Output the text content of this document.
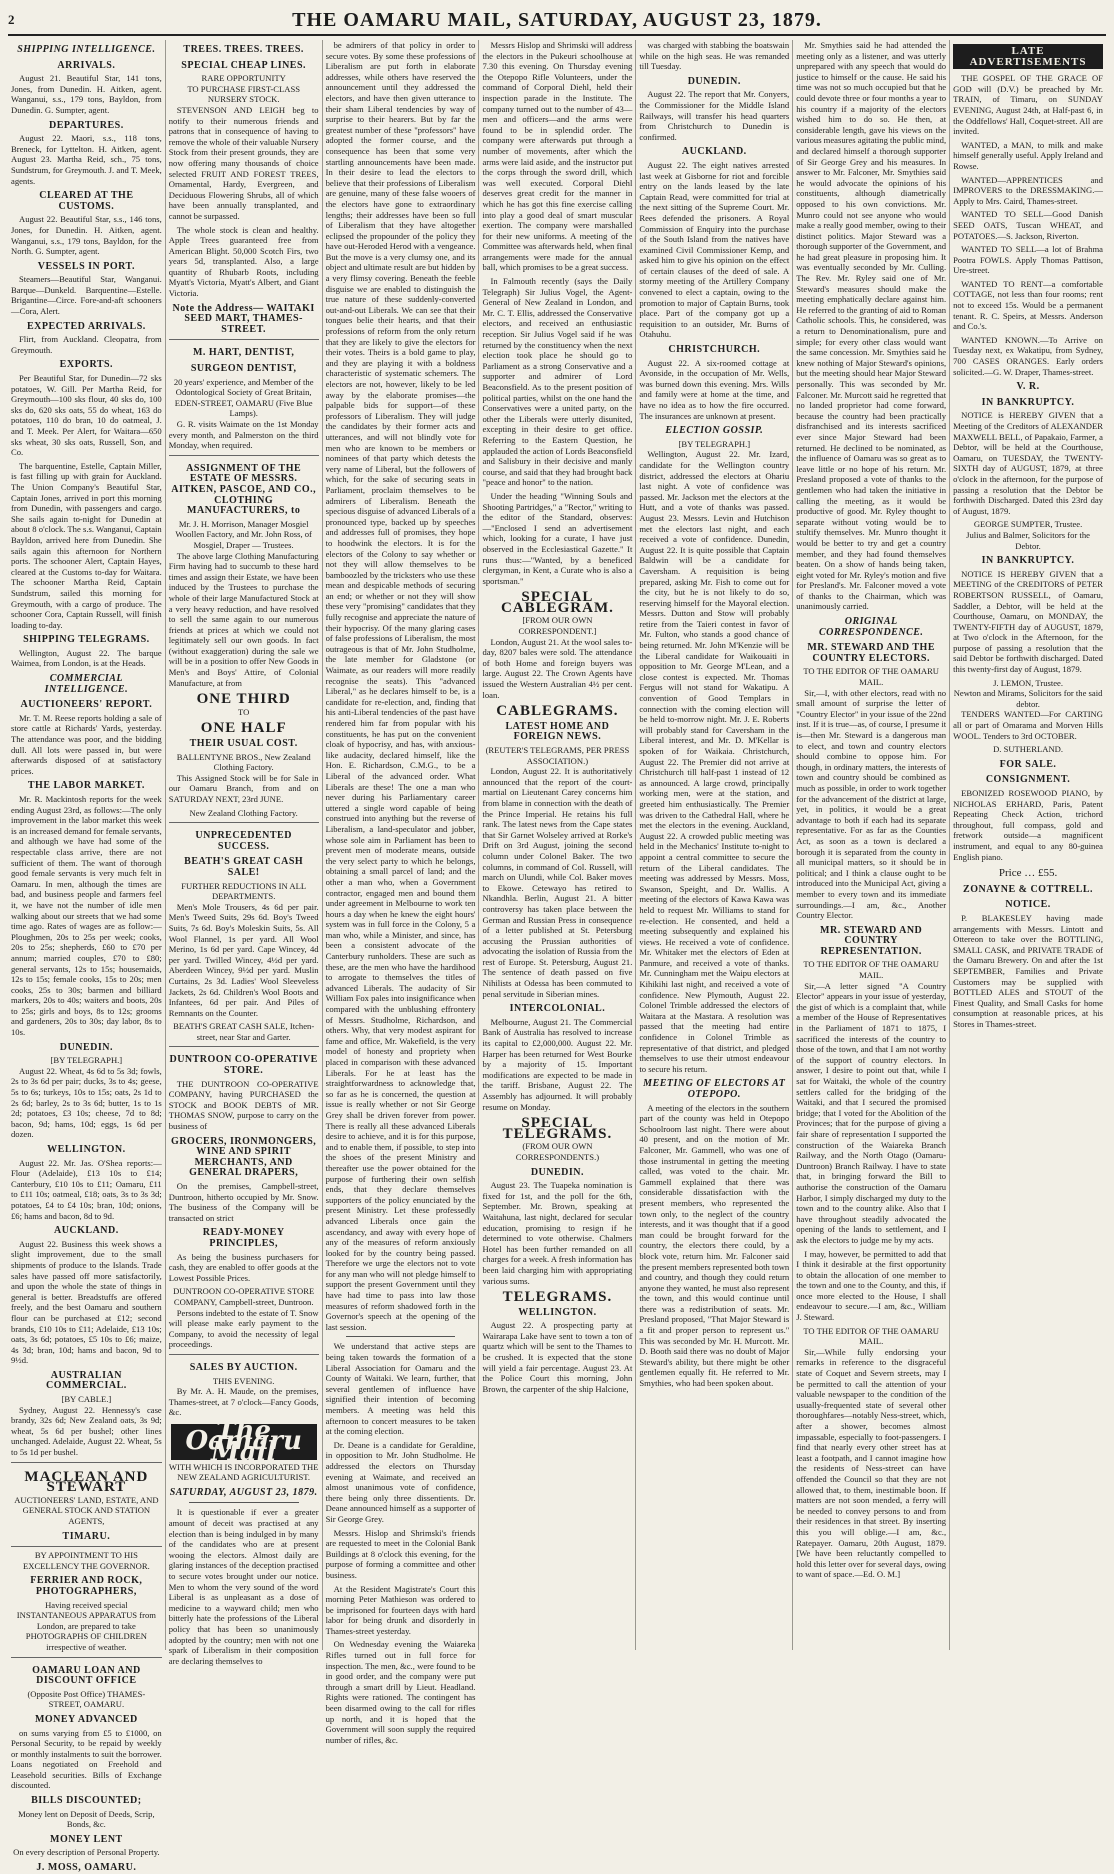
2	THE OAMARU MAIL, SATURDAY, AUGUST 23, 1879.
SHIPPING INTELLIGENCE.
ARRIVALS.

August 21. Beautiful Star, 141 tons, Jones, from Dunedin. H. Aitken, agent. Wanganui, s.s., 179 tons, Bayldon, from Dunedin. G. Sumpter, agent.

DEPARTURES.

August 22. Maori, s.s., 118 tons, Breneck, for Lyttelton. H. Aitken, agent. August 23. Martha Reid, sch., 75 tons, Sundstrum, for Greymouth. J. and T. Meek, agents.

CLEARED AT THE CUSTOMS.

August 22. Beautiful Star, s.s., 146 tons, Jones, for Dunedin. H. Aitken, agent. Wanganui, s.s., 179 tons, Bayldon, for the North. G. Sumpter, agent.

VESSELS IN PORT.

Steamers—Beautiful Star, Wanganui. Barque—Dunkeld. Barquentine—Estelle. Brigantine—Circe. Fore-and-aft schooners—Cora, Alert.

EXPECTED ARRIVALS.

Flirt, from Auckland. Cleopatra, from Greymouth.

EXPORTS.

Per Beautiful Star, for Dunedin—72 sks potatoes, W. Gill. Per Martha Reid, for Greymouth—100 sks flour, 40 sks do, 100 sks do, 620 sks oats, 55 do wheat, 163 do potatoes, 110 do bran, 10 do oatmeal, J. and T. Meek. Per Alert, for Waitara—650 sks wheat, 30 sks oats, Russell, Son, and Co.

The barquentine, Estelle, Captain Miller, is fast filling up with grain for Auckland. The Union Company's Beautiful Star, Captain Jones, arrived in port this morning from Dunedin, with passengers and cargo. She sails again to-night for Dunedin at about 8 o'clock. The s.s. Wanganui, Captain Bayldon, arrived here from Dunedin. She sails again this afternoon for Northern ports. The schooner Alert, Captain Hayes, cleared at the Customs to-day for Waitara. The schooner Martha Reid, Captain Sundstrum, sailed this morning for Greymouth, with a cargo of produce. The schooner Cora, Captain Russell, will finish loading to-day.

SHIPPING TELEGRAMS.

Wellington, August 22. The barque Waimea, from London, is at the Heads.

COMMERCIAL INTELLIGENCE.
AUCTIONEERS' REPORT.

Mr. T. M. Reese reports holding a sale of store cattle at Richards' Yards, yesterday. The attendance was poor, and the bidding dull. All lots were passed in, but were afterwards disposed of at satisfactory prices.

THE LABOR MARKET.

Mr. R. Mackintosh reports for the week ending August 23rd, as follows:—The only improvement in the labor market this week is an increased demand for female servants, and although we have had some of the respectable class arrive, there are not sufficient of them. The want of thorough good female servants is very much felt in Oamaru. In men, although the times are bad, and business people and farmers feel it, we have not the number of idle men walking about our streets that we had some time ago. Rates of wages are as follow:—Ploughmen, 20s to 25s per week; cooks, 20s to 25s; shepherds, £60 to £70 per annum; married couples, £70 to £80; general servants, 12s to 15s; housemaids, 12s to 15s; female cooks, 15s to 20s; men cooks, 25s to 30s; barmen and billiard markers, 20s to 40s; waiters and boots, 20s to 25s; girls and boys, 8s to 12s; grooms and gardeners, 20s to 30s; day labor, 8s to 10s.

DUNEDIN.
[BY TELEGRAPH.]

August 22. Wheat, 4s 6d to 5s 3d; fowls, 2s to 3s 6d per pair; ducks, 3s to 4s; geese, 5s to 6s; turkeys, 10s to 15s; oats, 2s 1d to 2s 6d; barley, 2s to 3s 6d; butter, 1s to 1s 2d; potatoes, £3 10s; cheese, 7d to 8d; bacon, 9d; hams, 10d; eggs, 1s 6d per dozen.

WELLINGTON.

August 22. Mr. Jas. O'Shea reports:—Flour (Adelaide), £13 10s to £14; Canterbury, £10 10s to £11; Oamaru, £11 to £11 10s; oatmeal, £18; oats, 3s to 3s 3d; potatoes, £4 to £4 10s; bran, 10d; onions, £6; hams and bacon, 8d to 9d.

AUCKLAND.

August 22. Business this week shows a slight improvement, due to the small shipments of produce to the Islands. Trade sales have passed off more satisfactorily, and upon the whole the state of things in general is better. Breadstuffs are offered freely, and the best Oamaru and southern flour can be purchased at £12; second brands, £10 10s to £11; Adelaide, £13 10s; oats, 3s 6d; potatoes, £5 10s to £6; maize, 4s 3d; bran, 10d; hams and bacon, 9d to 9½d.

AUSTRALIAN COMMERCIAL.
[BY CABLE.]

Sydney, August 22. Hennessy's case brandy, 32s 6d; New Zealand oats, 3s 9d; wheat, 5s 6d per bushel; other lines unchanged. Adelaide, August 22. Wheat, 5s to 5s 1d per bushel.

MACLEAN AND STEWART
AUCTIONEERS' LAND, ESTATE, AND GENERAL STOCK AND STATION AGENTS,
TIMARU.
BY APPOINTMENT TO HIS EXCELLENCY THE GOVERNOR.
FERRIER AND ROCK, PHOTOGRAPHERS,
Having received special INSTANTANEOUS APPARATUS from London, are prepared to take PHOTOGRAPHS OF CHILDREN irrespective of weather.
OAMARU LOAN AND DISCOUNT OFFICE
(Opposite Post Office) THAMES-STREET, OAMARU.
MONEY ADVANCED

on sums varying from £5 to £1000, on Personal Security, to be repaid by weekly or monthly instalments to suit the borrower. Loans negotiated on Freehold and Leasehold securities. Bills of Exchange discounted.

BILLS DISCOUNTED;
Money lent on Deposit of Deeds, Scrip, Bonds, &c.
MONEY LENT
On every description of Personal Property.
J. MOSS, OAMARU.
TREES. TREES. TREES.
SPECIAL CHEAP LINES.
RARE OPPORTUNITY
TO PURCHASE FIRST-CLASS NURSERY STOCK.

STEVENSON AND LEIGH beg to notify to their numerous friends and patrons that in consequence of having to remove the whole of their valuable Nursery Stock from their present grounds, they are now offering many thousands of choice selected FRUIT AND FOREST TREES, Ornamental, Hardy, Evergreen, and Deciduous Flowering Shrubs, all of which have been annually transplanted, and cannot be surpassed.

The whole stock is clean and healthy. Apple Trees guaranteed free from American Blight. 50,000 Scotch Firs, two years 5d, transplanted. Also, a large quantity of Rhubarb Roots, including Myatt's Victoria, Myatt's Albert, and Giant Victoria.

Note the Address— WAITAKI SEED MART, THAMES-STREET.
M. HART, DENTIST,
SURGEON DENTIST,
20 years' experience, and Member of the Odontological Society of Great Britain, EDEN-STREET, OAMARU (Five Blue Lamps).

G. R. visits Waimate on the 1st Monday every month, and Palmerston on the third Monday, when required.

ASSIGNMENT OF THE ESTATE OF MESSRS. AITKEN, PASCOE, AND CO., CLOTHING MANUFACTURERS, to
Mr. J. H. Morrison, Manager Mosgiel Woollen Factory, and Mr. John Ross, of Mosgiel, Draper — Trustees.

The above large Clothing Manufacturing Firm having had to succumb to these hard times and assign their Estate, we have been induced by the Trustees to purchase the whole of their large Manufactured Stock at a very heavy reduction, and have resolved to sell the same again to our numerous friends at prices at which we could not legitimately sell our own goods. In fact (without exaggeration) during the sale we will be in a position to offer New Goods in Men's and Boys' Attire, of Colonial Manufacture, at from

ONE THIRD
TO
ONE HALF
THEIR USUAL COST.
BALLENTYNE BROS., New Zealand Clothing Factory.

This Assigned Stock will be for Sale in our Oamaru Branch, from and on SATURDAY NEXT, 23rd JUNE.

New Zealand Clothing Factory.
UNPRECEDENTED SUCCESS.
BEATH'S GREAT CASH SALE!
FURTHER REDUCTIONS IN ALL DEPARTMENTS.

Men's Mole Trousers, 4s 6d per pair. Men's Tweed Suits, 29s 6d. Boy's Tweed Suits, 7s 6d. Boy's Moleskin Suits, 5s. All Wool Flannel, 1s per yard. All Wool Merino, 1s 6d per yard. Cape Wincey, 4d per yard. Twilled Wincey, 4½d per yard. Aberdeen Wincey, 9½d per yard. Muslin Curtains, 2s 3d. Ladies' Wool Sleeveless Jackets, 2s 6d. Children's Wool Boots and Infantees, 6d per pair. And Piles of Remnants on the Counter.

BEATH'S GREAT CASH SALE, Itchen-street, near Star and Garter.
DUNTROON CO-OPERATIVE STORE.

THE DUNTROON CO-OPERATIVE COMPANY, having PURCHASED the STOCK and BOOK DEBTS of MR. THOMAS SNOW, purpose to carry on the business of

GROCERS, IRONMONGERS, WINE AND SPIRIT MERCHANTS, AND GENERAL DRAPERS,

On the premises, Campbell-street, Duntroon, hitherto occupied by Mr. Snow. The business of the Company will be transacted on strict

READY-MONEY PRINCIPLES,

As being the business purchasers for cash, they are enabled to offer goods at the Lowest Possible Prices.

DUNTROON CO-OPERATIVE STORE COMPANY, Campbell-street, Duntroon.

Persons indebted to the estate of T. Snow will please make early payment to the Company, to avoid the necessity of legal proceedings.

SALES BY AUCTION.
THIS EVENING.

By Mr. A. H. Maude, on the premises, Thames-street, at 7 o'clock—Fancy Goods, &c.

The Oamaru Mail
WITH WHICH IS INCORPORATED THE NEW ZEALAND AGRICULTURIST.
SATURDAY, AUGUST 23, 1879.

It is questionable if ever a greater amount of deceit was practised at any election than is being indulged in by many of the candidates who are at present wooing the electors. Almost daily are glaring instances of the deception practised to secure votes brought under our notice. Men to whom the very sound of the word Liberal is as unpleasant as a dose of medicine to a wayward child; men who bitterly hate the professions of the Liberal policy that has been so unanimously adopted by the country; men with not one spark of Liberalism in their composition are declaring themselves to

be admirers of that policy in order to secure votes. By some these professions of Liberalism are put forth in elaborate addresses, while others have reserved the announcement until they addressed the electors, and have then given utterance to their sham Liberal tendencies by way of surprise to their hearers. But by far the greatest number of these "professors" have adopted the former course, and the consequence has been that some very startling announcements have been made. In their desire to lead the electors to believe that their professions of Liberalism are genuine, many of these false wooers of the electors have gone to extraordinary lengths; their addresses have been so full of Liberalism that they have altogether eclipsed the propounder of the policy they have out-Heroded Herod with a vengeance. But the move is a very clumsy one, and its object and ultimate result are but hidden by a very flimsy covering. Beneath the feeble disguise we are enabled to distinguish the true nature of these suddenly-converted out-and-out Liberals. We can see that their tongues belie their hearts, and that their professions of reform from the only return that they are likely to give the electors for their votes. Theirs is a bold game to play, and they are playing it with a boldness characteristic of systematic schemers. The electors are not, however, likely to be led away by the elaborate promises—the palpable bids for support—of these professors of Liberalism. They will judge the candidates by their former acts and utterances, and will not blindly vote for men who are known to be members or nominees of that party which detests the very name of Liberal, but the followers of which, for the sake of securing seats in Parliament, proclaim themselves to be admirers of Liberalism. Beneath the specious disguise of advanced Liberals of a pronounced type, backed up by speeches and addresses full of promises, they hope to hoodwink the electors. It is for the electors of the Colony to say whether or not they will allow themselves to be bamboozled by the tricksters who use these mean and despicable methods of securing an end; or whether or not they will show these very "promising" candidates that they fully recognise and appreciate the nature of their hypocrisy. Of the many glaring cases of false professions of Liberalism, the most outrageous is that of Mr. John Studholme, the late member for Gladstone (or Waimate, as our readers will more readily recognise the seats). This "advanced Liberal," as he declares himself to be, is a candidate for re-election, and, finding that his anti-Liberal tendencies of the past have rendered him far from popular with his constituents, he has put on the convenient cloak of hypocrisy, and has, with anxious-like audacity, declared himself, like the Hon. E. Richardson, C.M.G., to be a Liberal of the advanced order. What Liberals are these! The one a man who never during his Parliamentary career uttered a single word capable of being construed into anything but the reverse of Liberalism, a land-speculator and jobber, whose sole aim in Parliament has been to prevent men of moderate means, outside the very select party to which he belongs, obtaining a small parcel of land; and the other a man who, when a Government contractor, engaged men and bound them under agreement in Melbourne to work ten hours a day when he knew the eight hours' system was in full force in the Colony, 5 a man who, while a Minister, and since, has been a consistent advocate of the Canterbury runholders. These are such as these, are the men who have the hardihood to arrogate to themselves the titles of advanced Liberals. The audacity of Sir William Fox pales into insignificance when compared with the unblushing effrontery of Messrs. Studholme, Richardson, and others. Why, that very modest aspirant for fame and office, Mr. Wakefield, is the very model of honesty and propriety when placed in comparison with these advanced Liberals. For he at least has the straightforwardness to acknowledge that, so far as he is concerned, the question at issue is really whether or not Sir George Grey shall be driven forever from power. There is really all these advanced Liberals desire to achieve, and it is for this purpose, and to enable them, if possible, to step into the shoes of the present Ministry and thereafter use the power obtained for the purpose of furthering their own selfish ends, that they declare themselves supporters of the policy enunciated by the present Ministry. Let these professedly advanced Liberals once gain the ascendancy, and away with every hope of any of the measures of reform anxiously looked for by the country being passed. Therefore we urge the electors not to vote for any man who will not pledge himself to support the present Government until they have had time to pass into law those measures of reform shadowed forth in the Governor's speech at the opening of the last session.

We understand that active steps are being taken towards the formation of a Liberal Association for Oamaru and the County of Waitaki. We learn, further, that several gentlemen of influence have signified their intention of becoming members. A meeting was held this afternoon to concert measures to be taken at the coming election.

Dr. Deane is a candidate for Geraldine, in opposition to Mr. John Studholme. He addressed the electors on Thursday evening at Waimate, and received an almost unanimous vote of confidence, there being only three dissentients. Dr. Deane announced himself as a supporter of Sir George Grey.

Messrs. Hislop and Shrimski's friends are requested to meet in the Colonial Bank Buildings at 8 o'clock this evening, for the purpose of forming a committee and other business.

At the Resident Magistrate's Court this morning Peter Mathieson was ordered to be imprisoned for fourteen days with hard labor for being drunk and disorderly in Thames-street yesterday.

On Wednesday evening the Waiareka Rifles turned out in full force for inspection. The men, &c., were found to be in good order, and the company were put through a smart drill by Lieut. Headland. Rights were rationed. The contingent has been disarmed owing to the call for rifles up north, and it is hoped that the Government will soon supply the required number of rifles, &c.

Messrs Hislop and Shrimski will address the electors in the Pukeuri schoolhouse at 7.30 this evening. On Thursday evening the Otepopo Rifle Volunteers, under the command of Corporal Diehl, held their inspection parade in the Institute. The company turned out to the number of 43—men and officers—and the arms were found to be in splendid order. The company were afterwards put through a number of movements, after which the arms were laid aside, and the instructor put the corps through the sword drill, which was well executed. Corporal Diehl deserves great credit for the manner in which he has got this fine exercise calling into play a good deal of smart muscular exertion. The company were marshalled for their new uniforms. A meeting of the Committee was afterwards held, when final arrangements were made for the annual ball, which promises to be a great success.

In Falmouth recently (says the Daily Telegraph) Sir Julius Vogel, the Agent-General of New Zealand in London, and Mr. C. T. Ellis, addressed the Conservative electors, and received an enthusiastic reception. Sir Julius Vogel said if he was returned by the constituency when the next election took place he should go to Parliament as a strong Conservative and a supporter and admirer of Lord Beaconsfield. As to the present position of political parties, whilst on the one hand the Conservatives were a united party, on the other the Liberals were utterly disunited, excepting in their desire to get office. Referring to the Eastern Question, he applauded the action of Lords Beaconsfield and Salisbury in their decisive and manly course, and said that they had brought back "peace and honor" to the nation.

Under the heading "Winning Souls and Shooting Partridges," a "Rector," writing to the editor of the Standard, observes:—"Enclosed I send an advertisement which, looking for a curate, I have just observed in the Ecclesiastical Gazette." It runs thus:—"Wanted, by a beneficed clergyman, in Kent, a Curate who is also a sportsman."

SPECIAL CABLEGRAM.
[FROM OUR OWN CORRESPONDENT.]

London, August 21. At the wool sales to-day, 8207 bales were sold. The attendance of both Home and foreign buyers was large. August 22. The Crown Agents have issued the Western Australian 4½ per cent. loan.

CABLEGRAMS.
LATEST HOME AND FOREIGN NEWS.
(REUTER'S TELEGRAMS, PER PRESS ASSOCIATION.)

London, August 22. It is authoritatively announced that the report of the court-martial on Lieutenant Carey concerns him from blame in connection with the death of the Prince Imperial. He retains his full rank. The latest news from the Cape states that Sir Garnet Wolseley arrived at Rorke's Drift on 3rd August, joining the second column under Colonel Baker. The two columns, in command of Col. Russell, will march on Ulundi, while Col. Baker moves to Ekowe. Cetewayo has retired to Nkandhla. Berlin, August 21. A bitter controversy has taken place between the German and Russian Press in consequence of a letter published at St. Petersburg accusing the Prussian authorities of advocating the isolation of Russia from the rest of Europe. St. Petersburg, August 21. The sentence of death passed on five Nihilists at Odessa has been commuted to penal servitude in Siberian mines.

INTERCOLONIAL.

Melbourne, August 21. The Commercial Bank of Australia has resolved to increase its capital to £2,000,000. August 22. Mr. Harper has been returned for West Bourke by a majority of 15. Important modifications are expected to be made in the tariff. Brisbane, August 22. The Assembly has adjourned. It will probably resume on Monday.

SPECIAL TELEGRAMS.
(FROM OUR OWN CORRESPONDENTS.)
DUNEDIN.

August 23. The Tuapeka nomination is fixed for 1st, and the poll for the 6th, September. Mr. Brown, speaking at Waitahuna, last night, declared for secular education, promising to resign if he determined to vote otherwise. Chalmers Hotel has been further remanded on all charges for a week. A fresh information has been laid charging him with appropriating various sums.

TELEGRAMS.
WELLINGTON.

August 22. A prospecting party at Wairarapa Lake have sent to town a ton of quartz which will be sent to the Thames to be crushed. It is expected that the stone will yield a fair percentage. August 23. At the Police Court this morning, John Brown, the carpenter of the ship Halcione,

was charged with stabbing the boatswain while on the high seas. He was remanded till Tuesday.

DUNEDIN.

August 22. The report that Mr. Conyers, the Commissioner for the Middle Island Railways, will transfer his head quarters from Christchurch to Dunedin is confirmed.

AUCKLAND.

August 22. The eight natives arrested last week at Gisborne for riot and forcible entry on the lands leased by the late Captain Read, were committed for trial at the next sitting of the Supreme Court. Mr. Rees defended the prisoners. A Royal Commission of Enquiry into the purchase of the South Island from the natives have examined Civil Commissioner Kemp, and asked him to give his opinion on the effect of certain clauses of the deed of sale. A stormy meeting of the Artillery Company convened to elect a captain, owing to the promotion to major of Captain Burns, took place. Part of the company got up a requisition to an outsider, Mr. Burns of Otahuhu.

CHRISTCHURCH.

August 22. A six-roomed cottage at Avonside, in the occupation of Mr. Wells, was burned down this evening. Mrs. Wills and family were at home at the time, and have no idea as to how the fire occurred. The insurances are unknown at present.

ELECTION GOSSIP.
[BY TELEGRAPH.]

Wellington, August 22. Mr. Izard, candidate for the Wellington country district, addressed the electors at Ohariu last night. A vote of confidence was passed. Mr. Jackson met the electors at the Hutt, and a vote of thanks was passed. August 23. Messrs. Levin and Hutchison met the electors last night, and each received a vote of confidence. Dunedin, August 22. It is quite possible that Captain Baldwin will be a candidate for Caversham. A requisition is being prepared, asking Mr. Fish to come out for the city, but he is not likely to do so, reserving himself for the Mayoral election. Messrs. Dutton and Stow will probably retire from the Taieri contest in favor of Mr. Fulton, who stands a good chance of being returned. Mr. John M'Kenzie will be the Liberal candidate for Waikouaiti in opposition to Mr. George M'Lean, and a close contest is expected. Mr. Thomas Fergus will not stand for Wakatipu. A convention of Good Templars in connection with the coming election will be held to-morrow night. Mr. J. E. Roberts will probably stand for Caversham in the Liberal interest, and Mr. D. M'Kellar is spoken of for Waikaia. Christchurch, August 22. The Premier did not arrive at Christchurch till half-past 1 instead of 12 as announced. A large crowd, principally working men, were at the station, and greeted him enthusiastically. The Premier was driven to the Cathedral Hall, where he met the electors in the evening. Auckland, August 22. A crowded public meeting was held in the Mechanics' Institute to-night to appoint a central committee to secure the return of the Liberal candidates. The meeting was addressed by Messrs. Moss, Swanson, Speight, and Dr. Wallis. A meeting of the electors of Kawa Kawa was held to request Mr. Williams to stand for re-election. He consented, and held a meeting subsequently and explained his views. He received a vote of confidence. Mr. Whitaker met the electors of Eden at Panmure, and received a vote of thanks. Mr. Cunningham met the Waipu electors at Kihikihi last night, and received a vote of confidence. New Plymouth, August 22. Colonel Trimble addressed the electors of Waitara at the Mastara. A resolution was passed that the meeting had entire confidence in Colonel Trimble as representative of that district, and pledged themselves to use their utmost endeavour to secure his return.

MEETING OF ELECTORS AT OTEPOPO.

A meeting of the electors in the southern part of the county was held in Otepopo Schoolroom last night. There were about 40 present, and on the motion of Mr. Falconer, Mr. Gammell, who was one of those instrumental in getting the meeting called, was voted to the chair. Mr. Gammell explained that there was considerable dissatisfaction with the present members, who represented the town only, to the neglect of the country interests, and it was thought that if a good man could be brought forward for the country, the electors there could, by a block vote, return him. Mr. Falconer said the present members represented both town and country, and though they could return anyone they wanted, he must also represent the town, and this would continue until there was a redistribution of seats. Mr. Presland proposed, "That Major Steward is a fit and proper person to represent us." This was seconded by Mr. H. Murcott. Mr. D. Booth said there was no doubt of Major Steward's ability, but there might be other gentlemen equally fit. He referred to Mr. Smythies, who had been spoken about.

Mr. Smythies said he had attended the meeting only as a listener, and was utterly unprepared with any speech that would do justice to himself or the cause. He said his time was not so much occupied but that he could devote three or four months a year to his country if a majority of the electors wished him to do so. He then, at considerable length, gave his views on the various measures agitating the public mind, and declared himself a thorough supporter of Sir George Grey and his measures. In answer to Mr. Falconer, Mr. Smythies said he would advocate the opinions of his constituents, although diametrically opposed to his own convictions. Mr. Munro could not see anyone who would make a really good member, owing to their distinct politics. Major Steward was a thorough supporter of the Government, and he had great pleasure in proposing him. It was eventually seconded by Mr. Culling. The Rev. Mr. Ryley said one of Mr. Steward's measures should make the meeting emphatically declare against him. He referred to the granting of aid to Roman Catholic schools. This, he considered, was a return to Denominationalism, pure and simple; for every other class would want the same concession. Mr. Smythies said he knew nothing of Major Steward's opinions, but the meeting should hear Major Steward personally. This was seconded by Mr. Falconer. Mr. Murcott said he regretted that no landed proprietor had come forward, because the country had been practically disfranchised and its interests sacrificed ever since Major Steward had been returned. He declined to be nominated, as the influence of Oamaru was so great as to leave little or no hope of his return. Mr. Presland proposed a vote of thanks to the gentlemen who had taken the initiative in calling the meeting, as it would be productive of good. Mr. Ryley thought to separate without voting would be to stultify themselves. Mr. Munro thought it would be better to try and get a country member, and they had found themselves beaten. On a show of hands being taken, eight voted for Mr. Ryley's motion and five for Presland's. Mr. Falconer moved a vote of thanks to the Chairman, which was unanimously carried.

ORIGINAL CORRESPONDENCE.
MR. STEWARD AND THE COUNTRY ELECTORS.
TO THE EDITOR OF THE OAMARU MAIL.

Sir,—I, with other electors, read with no small amount of surprise the letter of "Country Elector" in your issue of the 22nd inst. If it is true—as, of course, I presume it is—then Mr. Steward is a dangerous man to elect, and town and country electors should combine to oppose him. For though, in ordinary matters, the interests of town and country should be combined as much as possible, in order to work together for the advancement of the district at large, yet, in politics, it would be a great advantage to both if each had its separate representative. For as far as the Counties Act, as soon as a town is declared a borough it is separated from the county in all municipal matters, so it should be in political; and I think a clause ought to be introduced into the Municipal Act, giving a member to every town and its immediate surroundings.—I am, &c., Another Country Elector.

MR. STEWARD AND COUNTRY REPRESENTATION.
TO THE EDITOR OF THE OAMARU MAIL.

Sir,—A letter signed "A Country Elector" appears in your issue of yesterday, the gist of which is a complaint that, while a member of the House of Representatives in the Parliament of 1871 to 1875, I sacrificed the interests of the country to those of the town, and that I am not worthy of the support of country electors. In answer, I desire to point out that, while I sat for Waitaki, the whole of the country settlers called for the bridging of the Waitaki, and that I secured the promised bridge; that I voted for the Abolition of the Provinces; that for the purpose of giving a fair share of representation I supported the construction of the Waiareka Branch Railway, and the North Otago (Oamaru-Duntroon) Branch Railway. I have to state that, in bringing forward the Bill to authorise the construction of the Oamaru Harbor, I simply discharged my duty to the town and to the country alike. Also that I have throughout steadily advocated the opening of the lands to settlement, and I ask the electors to judge me by my acts.

I may, however, be permitted to add that I think it desirable at the first opportunity to obtain the allocation of one member to the town and one to the County, and this, if once more elected to the House, I shall endeavour to secure.—I am, &c., William J. Steward.

TO THE EDITOR OF THE OAMARU MAIL.

Sir,—While fully endorsing your remarks in reference to the disgraceful state of Coquet and Severn streets, may I be permitted to call the attention of your valuable newspaper to the condition of the usually-frequented state of several other thoroughfares—notably Ness-street, which, after a shower, becomes almost impassable, especially to foot-passengers. I find that nearly every other street has at least a footpath, and I cannot imagine how the residents of Ness-street can have offended the Council so that they are not allowed that, to them, inestimable boon. If matters are not soon mended, a ferry will be needed to convey persons to and from their residences in that street. By inserting this you will oblige.—I am, &c., Ratepayer. Oamaru, 20th August, 1879. [We have been reluctantly compelled to hold this letter over for several days, owing to want of space.—Ed. O. M.]

LATE ADVERTISEMENTS

THE GOSPEL OF THE GRACE OF GOD will (D.V.) be preached by Mr. TRAIN, of Timaru, on SUNDAY EVENING, August 24th, at Half-past 6, in the Oddfellows' Hall, Coquet-street. All are invited.

WANTED, a MAN, to milk and make himself generally useful. Apply Ireland and Rowse.

WANTED—APPRENTICES and IMPROVERS to the DRESSMAKING.—Apply to Mrs. Caird, Thames-street.

WANTED TO SELL—Good Danish SEED OATS, Tuscan WHEAT, and POTATOES.—S. Jackson, Riverton.

WANTED TO SELL—a lot of Brahma Pootra FOWLS. Apply Thomas Pattison, Ure-street.

WANTED TO RENT—a comfortable COTTAGE, not less than four rooms; rent not to exceed 15s. Would be a permanent tenant. R. C. Speirs, at Messrs. Anderson and Co.'s.

WANTED KNOWN.—To Arrive on Tuesday next, ex Wakatipu, from Sydney, 700 CASES ORANGES. Early orders solicited.—G. W. Draper, Thames-street.

V. R.
IN BANKRUPTCY.

NOTICE is HEREBY GIVEN that a Meeting of the Creditors of ALEXANDER MAXWELL BELL, of Papakaio, Farmer, a Debtor, will be held at the Courthouse, Oamaru, on TUESDAY, the TWENTY-SIXTH day of AUGUST, 1879, at three o'clock in the afternoon, for the purpose of passing a resolution that the Debtor be forthwith Discharged. Dated this 23rd day of August, 1879.

GEORGE SUMPTER, Trustee.
Julius and Balmer, Solicitors for the Debtor.
IN BANKRUPTCY.

NOTICE IS HEREBY GIVEN that a MEETING of the CREDITORS of PETER ROBERTSON RUSSELL, of Oamaru, Saddler, a Debtor, will be held at the Courthouse, Oamaru, on MONDAY, the TWENTY-FIFTH day of AUGUST, 1879, at Two o'clock in the Afternoon, for the purpose of passing a resolution that the said Debtor be forthwith discharged. Dated this twenty-first day of August, 1879.

J. LEMON, Trustee.
Newton and Mirams, Solicitors for the said debtor.

TENDERS WANTED—For CARTING all or part of Omarama and Morven Hills WOOL. Tenders to 3rd OCTOBER.

D. SUTHERLAND.
FOR SALE.
CONSIGNMENT.

EBONIZED ROSEWOOD PIANO, by NICHOLAS ERHARD, Paris, Patent Repeating Check Action, trichord throughout, full compass, gold and fretwork outside—a magnificent instrument, and equal to any 80-guinea English piano.

Price … £55.
ZONAYNE & COTTRELL.
NOTICE.

P. BLAKESLEY having made arrangements with Messrs. Lintott and Ottereon to take over the BOTTLING, SMALL CASK, and PRIVATE TRADE of the Oamaru Brewery. On and after the 1st SEPTEMBER, Families and Private Customers may be supplied with BOTTLED ALES and STOUT of the Finest Quality, and Small Casks for home consumption at reasonable prices, at his Stores in Thames-street.
